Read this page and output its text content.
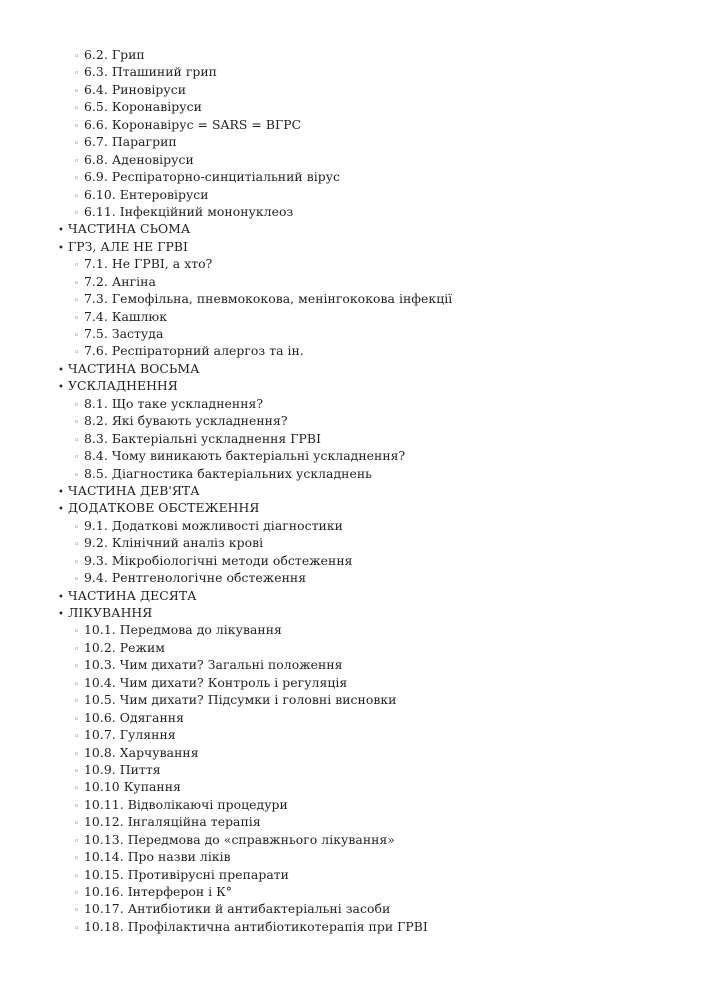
◦ 6.2. Грип
◦ 6.3. Пташиний грип
◦ 6.4. Риновіруси
◦ 6.5. Коронавіруси
◦ 6.6. Коронавірус = SARS = ВГРС
◦ 6.7. Парагрип
◦ 6.8. Аденовіруси
◦ 6.9. Респіраторно-синцитіальний вірус
◦ 6.10. Ентеровіруси
◦ 6.11. Інфекційний мононуклеоз
• ЧАСТИНА СЬОМА
• ГРЗ, АЛЕ НЕ ГРВІ
◦ 7.1. Не ГРВІ, а хто?
◦ 7.2. Ангіна
◦ 7.3. Гемофільна, пневмококова, менінгококова інфекції
◦ 7.4. Кашлюк
◦ 7.5. Застуда
◦ 7.6. Респіраторний алергоз та ін.
• ЧАСТИНА ВОСЬМА
• УСКЛАДНЕННЯ
◦ 8.1. Що таке ускладнення?
◦ 8.2. Які бувають ускладнення?
◦ 8.3. Бактеріальні ускладнення ГРВІ
◦ 8.4. Чому виникають бактеріальні ускладнення?
◦ 8.5. Діагностика бактеріальних ускладнень
• ЧАСТИНА ДЕВ'ЯТА
• ДОДАТКОВЕ ОБСТЕЖЕННЯ
◦ 9.1. Додаткові можливості діагностики
◦ 9.2. Клінічний аналіз крові
◦ 9.3. Мікробіологічні методи обстеження
◦ 9.4. Рентгенологічне обстеження
• ЧАСТИНА ДЕСЯТА
• ЛІКУВАННЯ
◦ 10.1. Передмова до лікування
◦ 10.2. Режим
◦ 10.3. Чим дихати? Загальні положення
◦ 10.4. Чим дихати? Контроль і регуляція
◦ 10.5. Чим дихати? Підсумки і головні висновки
◦ 10.6. Одягання
◦ 10.7. Гуляння
◦ 10.8. Харчування
◦ 10.9. Пиття
◦ 10.10 Купання
◦ 10.11. Відволікаючі процедури
◦ 10.12. Інгаляційна терапія
◦ 10.13. Передмова до «справжнього лікування»
◦ 10.14. Про назви ліків
◦ 10.15. Противірусні препарати
◦ 10.16. Інтерферон і К°
◦ 10.17. Антибіотики й антибактеріальні засоби
◦ 10.18. Профілактична антибіотикотерапія при ГРВІ
